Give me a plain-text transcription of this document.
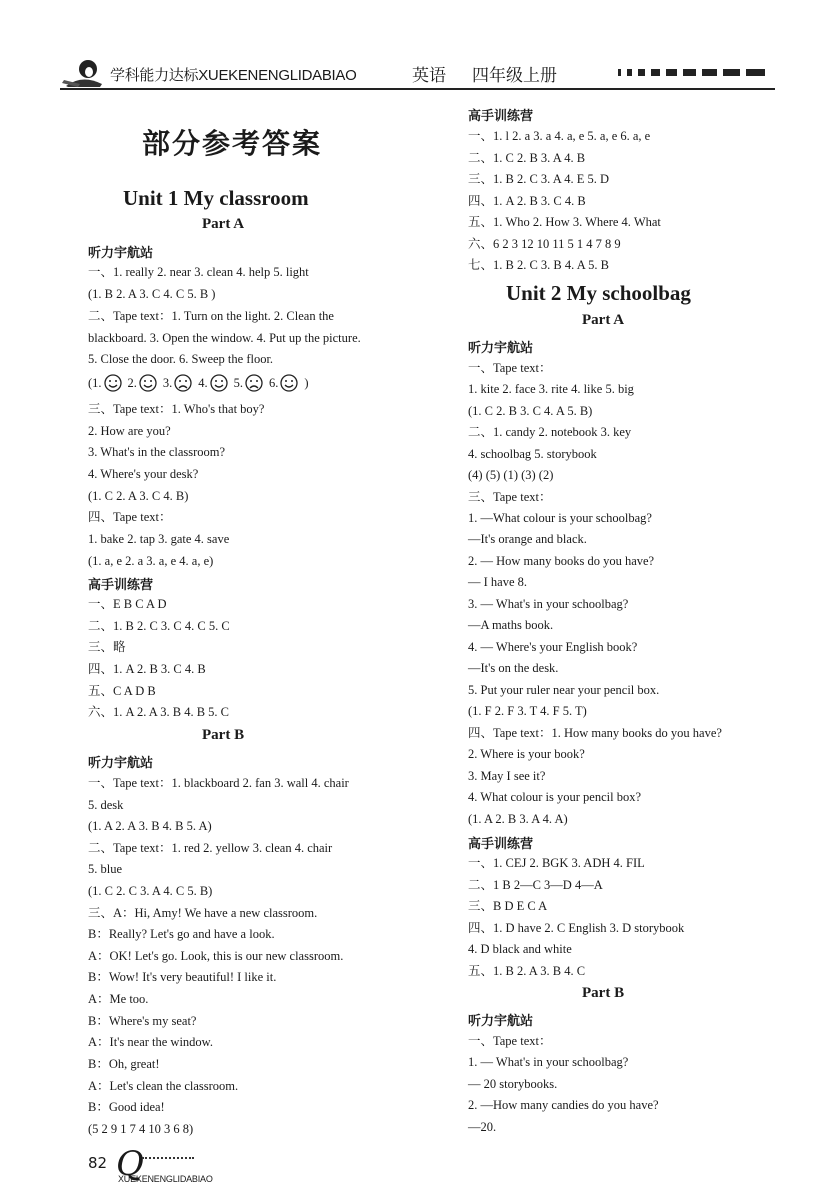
学科能力达标XUEKENENGLIDABIAO	英语 四年级上册
部分参考答案
Unit 1 My classroom
Part A
听力宇航站
一、1. really 2. near 3. clean 4. help 5. light
(1. B 2. A 3. C 4. C 5. B )
二、Tape text：1. Turn on the light. 2. Clean the
blackboard. 3. Open the window. 4. Put up the picture.
5. Close the door. 6. Sweep the floor.
(1. 2. 3. 4. 5. 6. )
三、Tape text：1. Who's that boy?
2. How are you?
3. What's in the classroom?
4. Where's your desk?
(1. C 2. A 3. C 4. B)
四、Tape text：
1. bake 2. tap 3. gate 4. save
(1. a, e 2. a 3. a, e 4. a, e)
高手训练营
一、E B C A D
二、1. B 2. C 3. C 4. C 5. C
三、略
四、1. A 2. B 3. C 4. B
五、C A D B
六、1. A 2. A 3. B 4. B 5. C
Part B
听力宇航站
一、Tape text：1. blackboard 2. fan 3. wall 4. chair
5. desk
(1. A 2. A 3. B 4. B 5. A)
二、Tape text：1. red 2. yellow 3. clean 4. chair
5. blue
(1. C 2. C 3. A 4. C 5. B)
三、A：Hi, Amy! We have a new classroom.
B：Really? Let's go and have a look.
A：OK! Let's go. Look, this is our new classroom.
B：Wow! It's very beautiful! I like it.
A：Me too.
B：Where's my seat?
A：It's near the window.
B：Oh, great!
A：Let's clean the classroom.
B：Good idea!
(5 2 9 1 7 4 10 3 6 8)
高手训练营
一、1. l 2. a 3. a 4. a, e 5. a, e 6. a, e
二、1. C 2. B 3. A 4. B
三、1. B 2. C 3. A 4. E 5. D
四、1. A 2. B 3. C 4. B
五、1. Who 2. How 3. Where 4. What
六、6 2 3 12 10 11 5 1 4 7 8 9
七、1. B 2. C 3. B 4. A 5. B
Unit 2 My schoolbag
Part A
听力宇航站
一、Tape text：
1. kite 2. face 3. rite 4. like 5. big
(1. C 2. B 3. C 4. A 5. B)
二、1. candy 2. notebook 3. key
4. schoolbag 5. storybook
(4) (5) (1) (3) (2)
三、Tape text：
1. —What colour is your schoolbag?
—It's orange and black.
2. — How many books do you have?
— I have 8.
3. — What's in your schoolbag?
—A maths book.
4. — Where's your English book?
—It's on the desk.
5. Put your ruler near your pencil box.
(1. F 2. F 3. T 4. F 5. T)
四、Tape text：1. How many books do you have?
2. Where is your book?
3. May I see it?
4. What colour is your pencil box?
(1. A 2. B 3. A 4. A)
高手训练营
一、1. CEJ 2. BGK 3. ADH 4. FIL
二、1 B 2—C 3—D 4—A
三、B D E C A
四、1. D have 2. C English 3. D storybook
4. D black and white
五、1. B 2. A 3. B 4. C
Part B
听力宇航站
一、Tape text：
1. — What's in your schoolbag?
— 20 storybooks.
2. —How many candies do you have?
—20.
82 Q
XUEKENENGLIDABIAO
